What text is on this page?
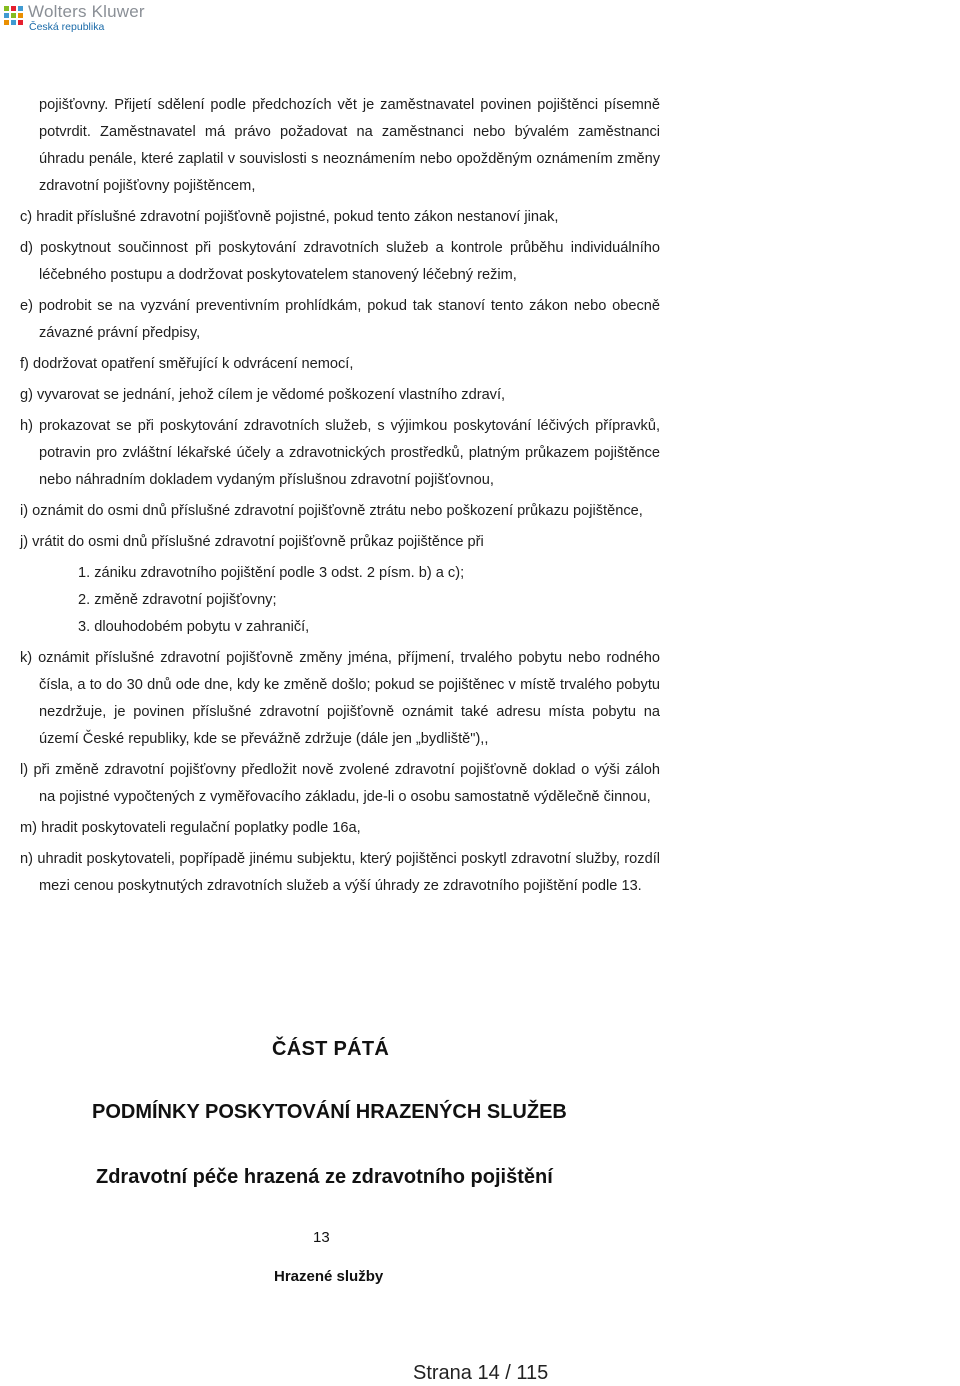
Wolters Kluwer
Česká republika

pojišťovny. Přijetí sdělení podle předchozích vět je zaměstnavatel povinen pojištěnci písemně potvrdit. Zaměstnavatel má právo požadovat na zaměstnanci nebo bývalém zaměstnanci úhradu penále, které zaplatil v souvislosti s neoznámením nebo opožděným oznámením změny zdravotní pojišťovny pojištěncem,

c) hradit příslušné zdravotní pojišťovně pojistné, pokud tento zákon nestanoví jinak,

d) poskytnout součinnost při poskytování zdravotních služeb a kontrole průběhu individuálního léčebného postupu a dodržovat poskytovatelem stanovený léčebný režim,

e) podrobit se na vyzvání preventivním prohlídkám, pokud tak stanoví tento zákon nebo obecně závazné právní předpisy,

f) dodržovat opatření směřující k odvrácení nemocí,

g) vyvarovat se jednání, jehož cílem je vědomé poškození vlastního zdraví,

h) prokazovat se při poskytování zdravotních služeb, s výjimkou poskytování léčivých přípravků, potravin pro zvláštní lékařské účely a zdravotnických prostředků, platným průkazem pojištěnce nebo náhradním dokladem vydaným příslušnou zdravotní pojišťovnou,

i) oznámit do osmi dnů příslušné zdravotní pojišťovně ztrátu nebo poškození průkazu pojištěnce,

j) vrátit do osmi dnů příslušné zdravotní pojišťovně průkaz pojištěnce při

1. zániku zdravotního pojištění podle 3 odst. 2 písm. b) a c);

2. změně zdravotní pojišťovny;

3. dlouhodobém pobytu v zahraničí,

k) oznámit příslušné zdravotní pojišťovně změny jména, příjmení, trvalého pobytu nebo rodného čísla, a to do 30 dnů ode dne, kdy ke změně došlo; pokud se pojištěnec v místě trvalého pobytu nezdržuje, je povinen příslušné zdravotní pojišťovně oznámit také adresu místa pobytu na území České republiky, kde se převážně zdržuje (dále jen „bydliště"),,

l) při změně zdravotní pojišťovny předložit nově zvolené zdravotní pojišťovně doklad o výši záloh na pojistné vypočtených z vyměřovacího základu, jde-li o osobu samostatně výdělečně činnou,

m) hradit poskytovateli regulační poplatky podle 16a,

n) uhradit poskytovateli, popřípadě jinému subjektu, který pojištěnci poskytl zdravotní služby, rozdíl mezi cenou poskytnutých zdravotních služeb a výší úhrady ze zdravotního pojištění podle 13.

ČÁST PÁTÁ
PODMÍNKY POSKYTOVÁNÍ HRAZENÝCH SLUŽEB
Zdravotní péče hrazená ze zdravotního pojištění
13
Hrazené služby
Strana 14 / 115
